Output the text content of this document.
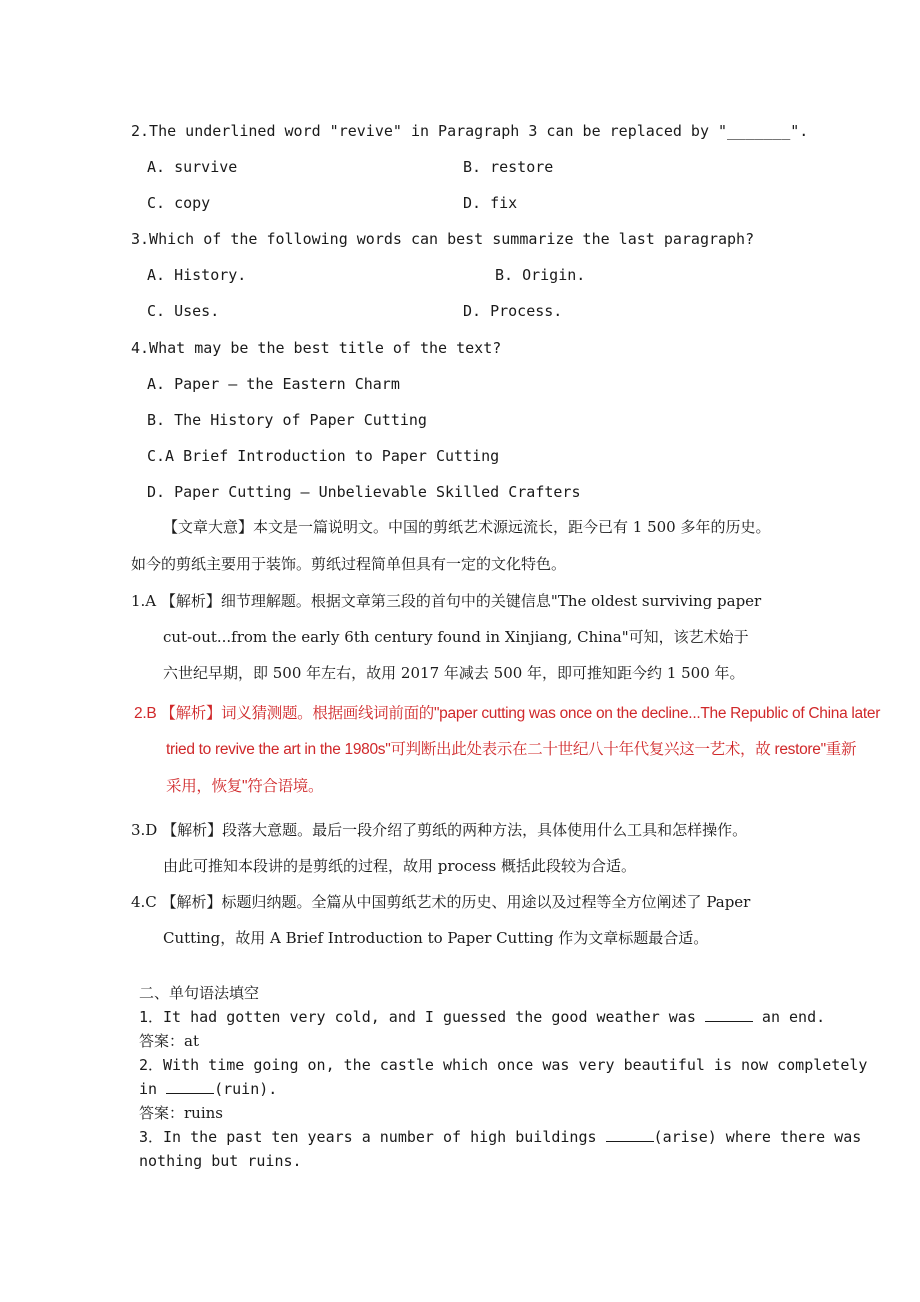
2.The underlined word "revive" in Paragraph 3 can be replaced by "_______".
A. survive	B. restore
C. copy	D. fix
3.Which of the following words can best summarize the last paragraph?
A. History.	B. Origin.
C. Uses.	D. Process.
4.What may be the best title of the text?
A. Paper — the Eastern Charm
B. The History of Paper Cutting
C.A Brief Introduction to Paper Cutting
D. Paper Cutting — Unbelievable Skilled Crafters
【文章大意】本文是一篇说明文。中国的剪纸艺术源远流长，距今已有 1 500 多年的历史。
如今的剪纸主要用于装饰。剪纸过程简单但具有一定的文化特色。
1.A 【解析】细节理解题。根据文章第三段的首句中的关键信息"The oldest surviving paper
cut-out...from the early 6th century found in Xinjiang, China"可知，该艺术始于
六世纪早期，即 500 年左右，故用 2017 年减去 500 年，即可推知距今约 1 500 年。
2.B 【解析】词义猜测题。根据画线词前面的"paper cutting was once on the decline...The Republic of China later
tried to revive the art in the 1980s"可判断出此处表示在二十世纪八十年代复兴这一艺术，故 restore"重新
采用，恢复"符合语境。
3.D 【解析】段落大意题。最后一段介绍了剪纸的两种方法，具体使用什么工具和怎样操作。
由此可推知本段讲的是剪纸的过程，故用 process 概括此段较为合适。
4.C 【解析】标题归纳题。全篇从中国剪纸艺术的历史、用途以及过程等全方位阐述了 Paper
Cutting，故用 A Brief Introduction to Paper Cutting 作为文章标题最合适。
二、单句语法填空
1．It had gotten very cold, and I guessed the good weather was	an end.
答案：at
2．With time going on, the castle which once was very beautiful is now completely
in	(ruin).
答案：ruins
3．In the past ten years a number of high buildings	(arise) where there was
nothing but ruins.
